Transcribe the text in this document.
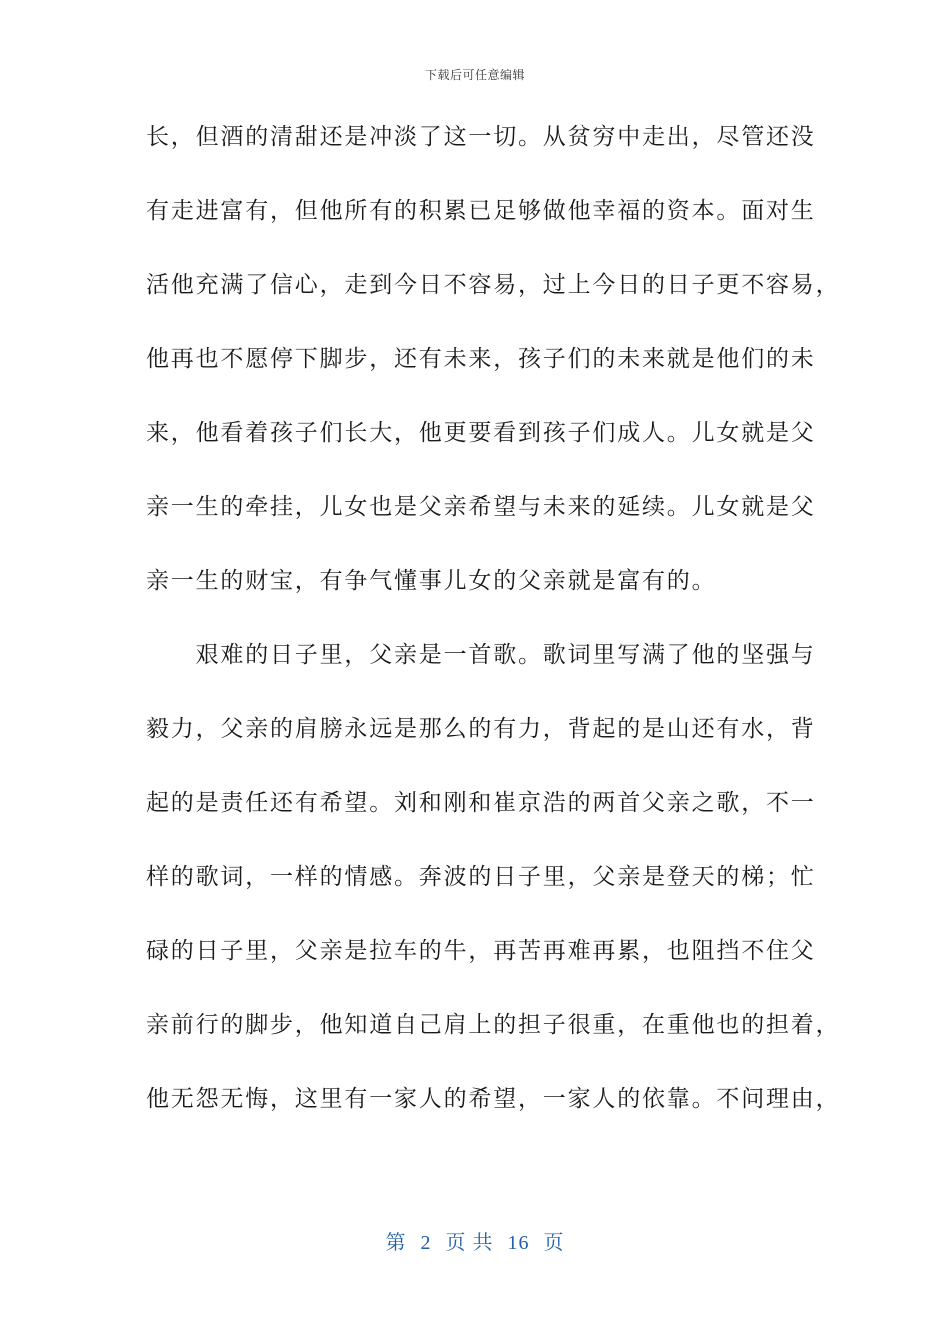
下载后可任意编辑
长，但酒的清甜还是冲淡了这一切。从贫穷中走出，尽管还没
有走进富有，但他所有的积累已足够做他幸福的资本。面对生
活他充满了信心，走到今日不容易，过上今日的日子更不容易，
他再也不愿停下脚步，还有未来，孩子们的未来就是他们的未
来，他看着孩子们长大，他更要看到孩子们成人。儿女就是父
亲一生的牵挂，儿女也是父亲希望与未来的延续。儿女就是父
亲一生的财宝，有争气懂事儿女的父亲就是富有的。
　　艰难的日子里，父亲是一首歌。歌词里写满了他的坚强与
毅力，父亲的肩膀永远是那么的有力，背起的是山还有水，背
起的是责任还有希望。刘和刚和崔京浩的两首父亲之歌，不一
样的歌词，一样的情感。奔波的日子里，父亲是登天的梯；忙
碌的日子里，父亲是拉车的牛，再苦再难再累，也阻挡不住父
亲前行的脚步，他知道自己肩上的担子很重，在重他也的担着，
他无怨无悔，这里有一家人的希望，一家人的依靠。不问理由，
第 2 页 共 16 页
